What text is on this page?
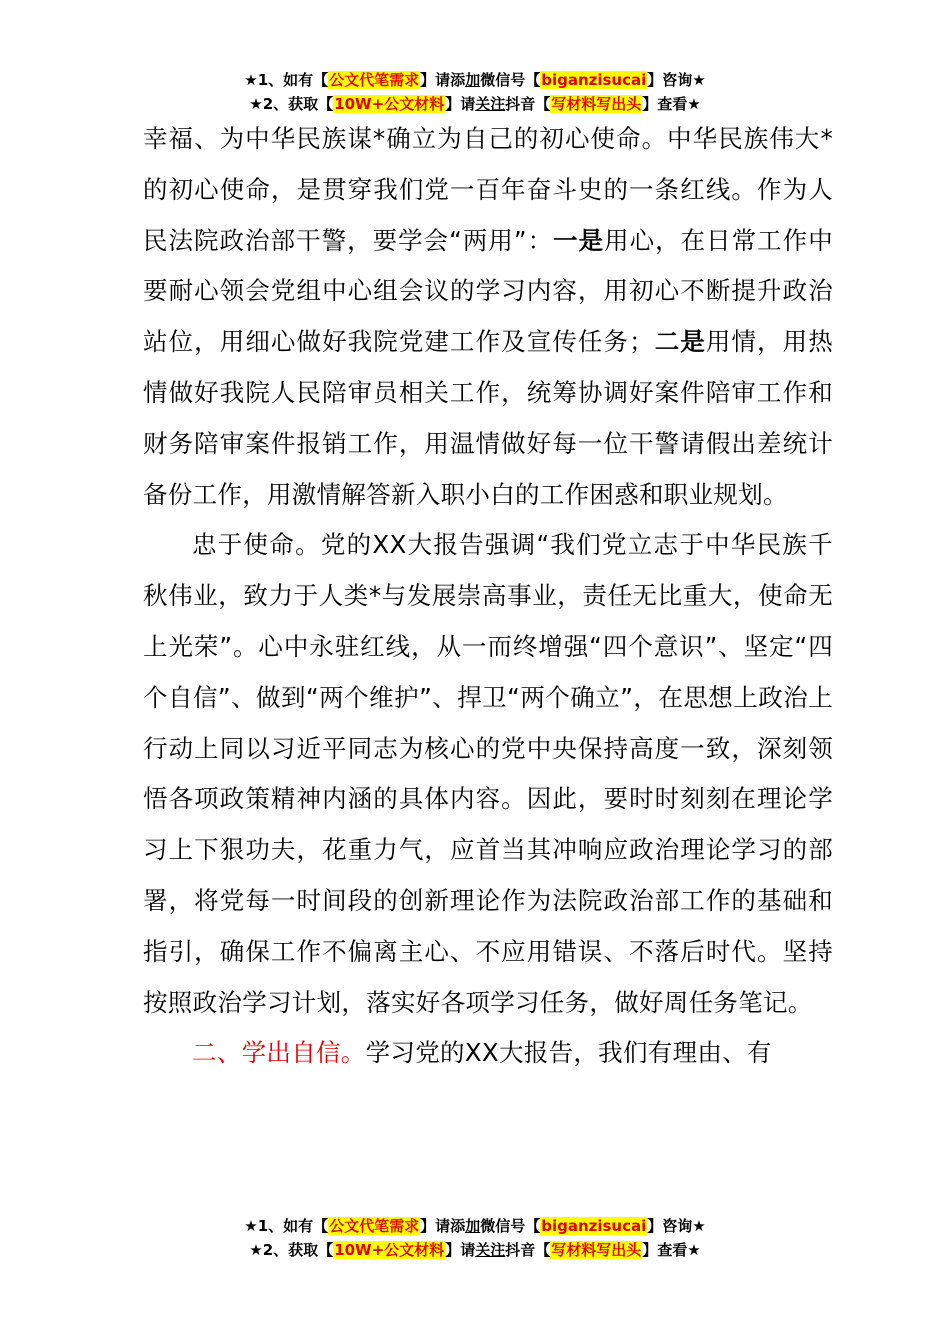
★1、如有【公文代笔需求】请添加微信号【biganzisucai】咨询★
★2、获取【10W+公文材料】请关注抖音【写材料写出头】查看★

幸福、为中华民族谋*确立为自己的初心使命。中华民族伟大*的初心使命，是贯穿我们党一百年奋斗史的一条红线。作为人民法院政治部干警，要学会“两用”：一是用心，在日常工作中要耐心领会党组中心组会议的学习内容，用初心不断提升政治站位，用细心做好我院党建工作及宣传任务；二是用情，用热情做好我院人民陪审员相关工作，统筹协调好案件陪审工作和财务陪审案件报销工作，用温情做好每一位干警请假出差统计备份工作，用激情解答新入职小白的工作困惑和职业规划。

忠于使命。党的XX大报告强调“我们党立志于中华民族千秋伟业，致力于人类*与发展崇高事业，责任无比重大，使命无上光荣”。心中永驻红线，从一而终增强“四个意识”、坚定“四个自信”、做到“两个维护”、捍卫“两个确立”，在思想上政治上行动上同以习近平同志为核心的党中央保持高度一致，深刻领悟各项政策精神内涵的具体内容。因此，要时时刻刻在理论学习上下狠功夫，花重力气，应首当其冲响应政治理论学习的部署，将党每一时间段的创新理论作为法院政治部工作的基础和指引，确保工作不偏离主心、不应用错误、不落后时代。坚持按照政治学习计划，落实好各项学习任务，做好周任务笔记。

二、学出自信。学习党的XX大报告，我们有理由、有

★1、如有【公文代笔需求】请添加微信号【biganzisucai】咨询★
★2、获取【10W+公文材料】请关注抖音【写材料写出头】查看★
